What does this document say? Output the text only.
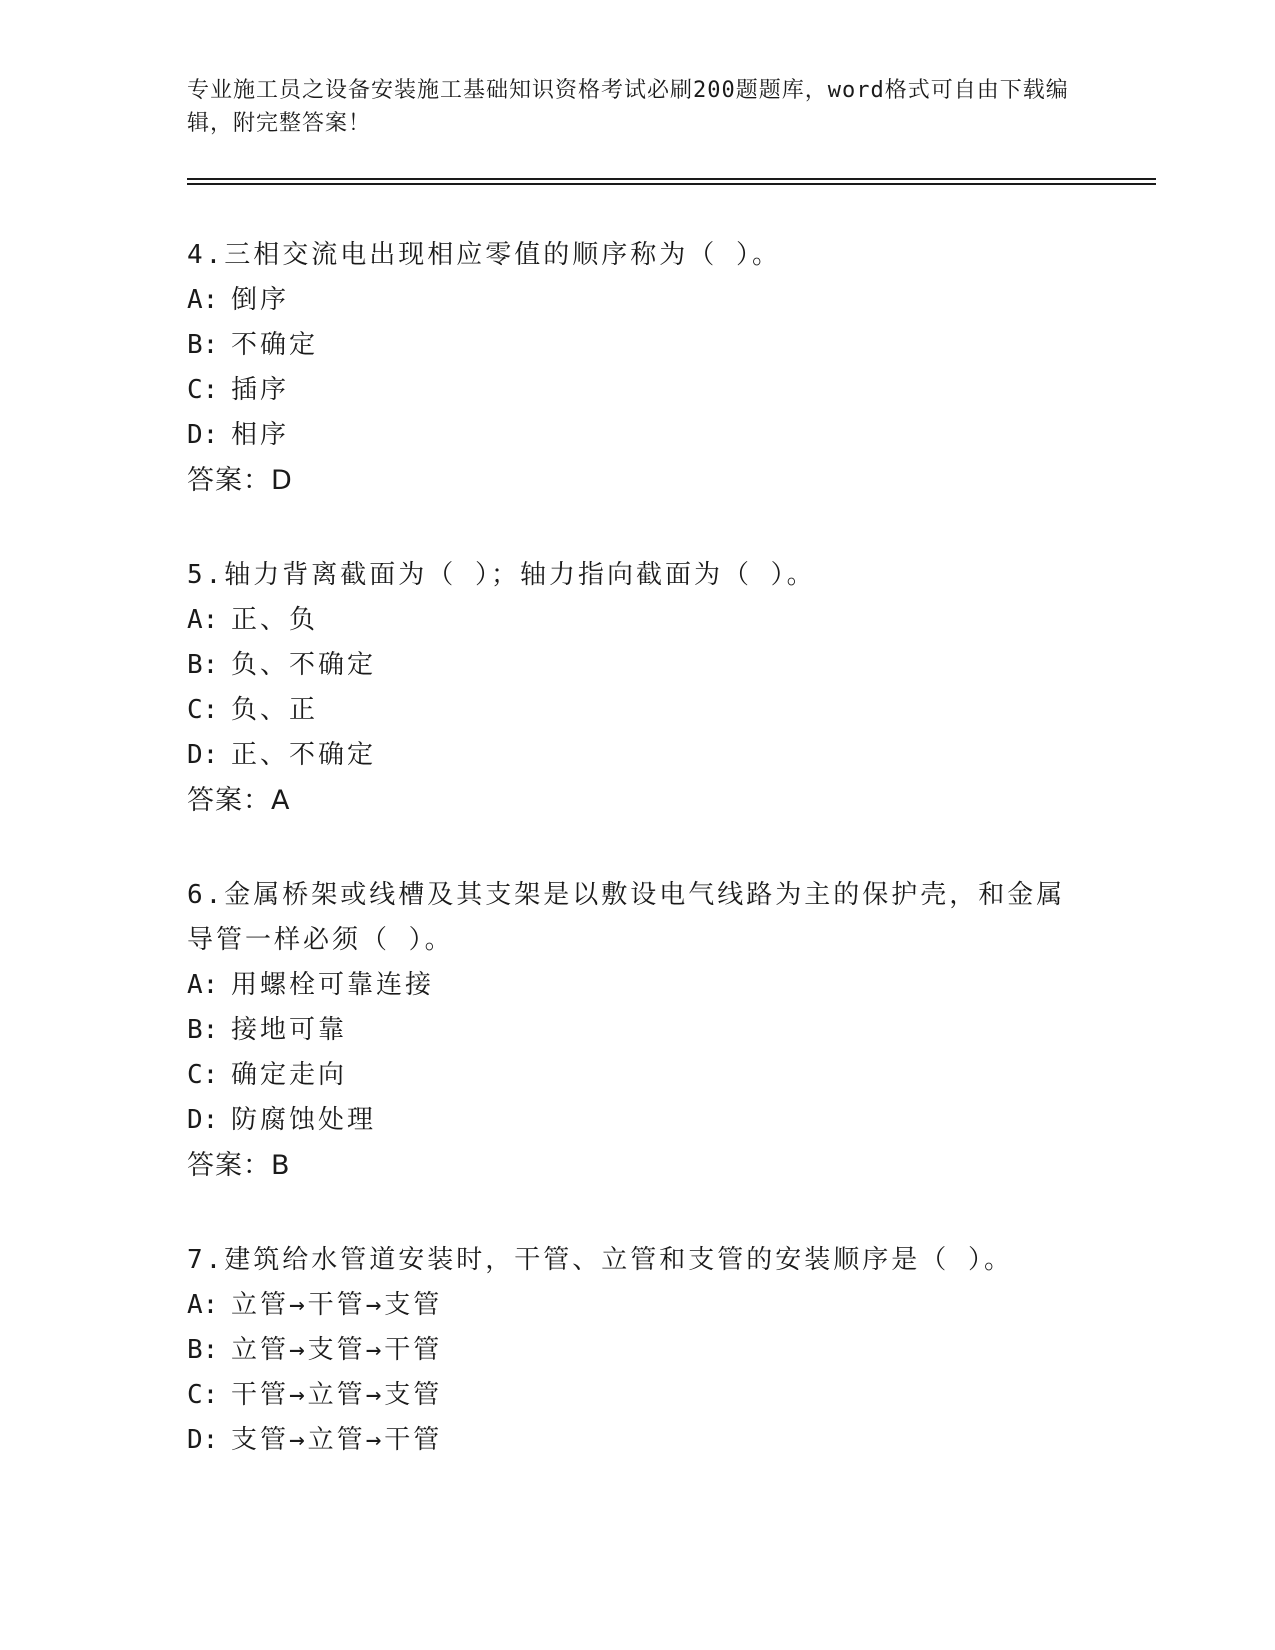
专业施工员之设备安装施工基础知识资格考试必刷200题题库，word格式可自由下载编辑，附完整答案！
4.三相交流电出现相应零值的顺序称为（ ）。
A: 倒序
B: 不确定
C: 插序
D: 相序
答案：D
5.轴力背离截面为（ ）；轴力指向截面为（ ）。
A: 正、负
B: 负、不确定
C: 负、正
D: 正、不确定
答案：A
6.金属桥架或线槽及其支架是以敷设电气线路为主的保护壳，和金属导管一样必须（ ）。
A: 用螺栓可靠连接
B: 接地可靠
C: 确定走向
D: 防腐蚀处理
答案：B
7.建筑给水管道安装时，干管、立管和支管的安装顺序是（ ）。
A: 立管→干管→支管
B: 立管→支管→干管
C: 干管→立管→支管
D: 支管→立管→干管
